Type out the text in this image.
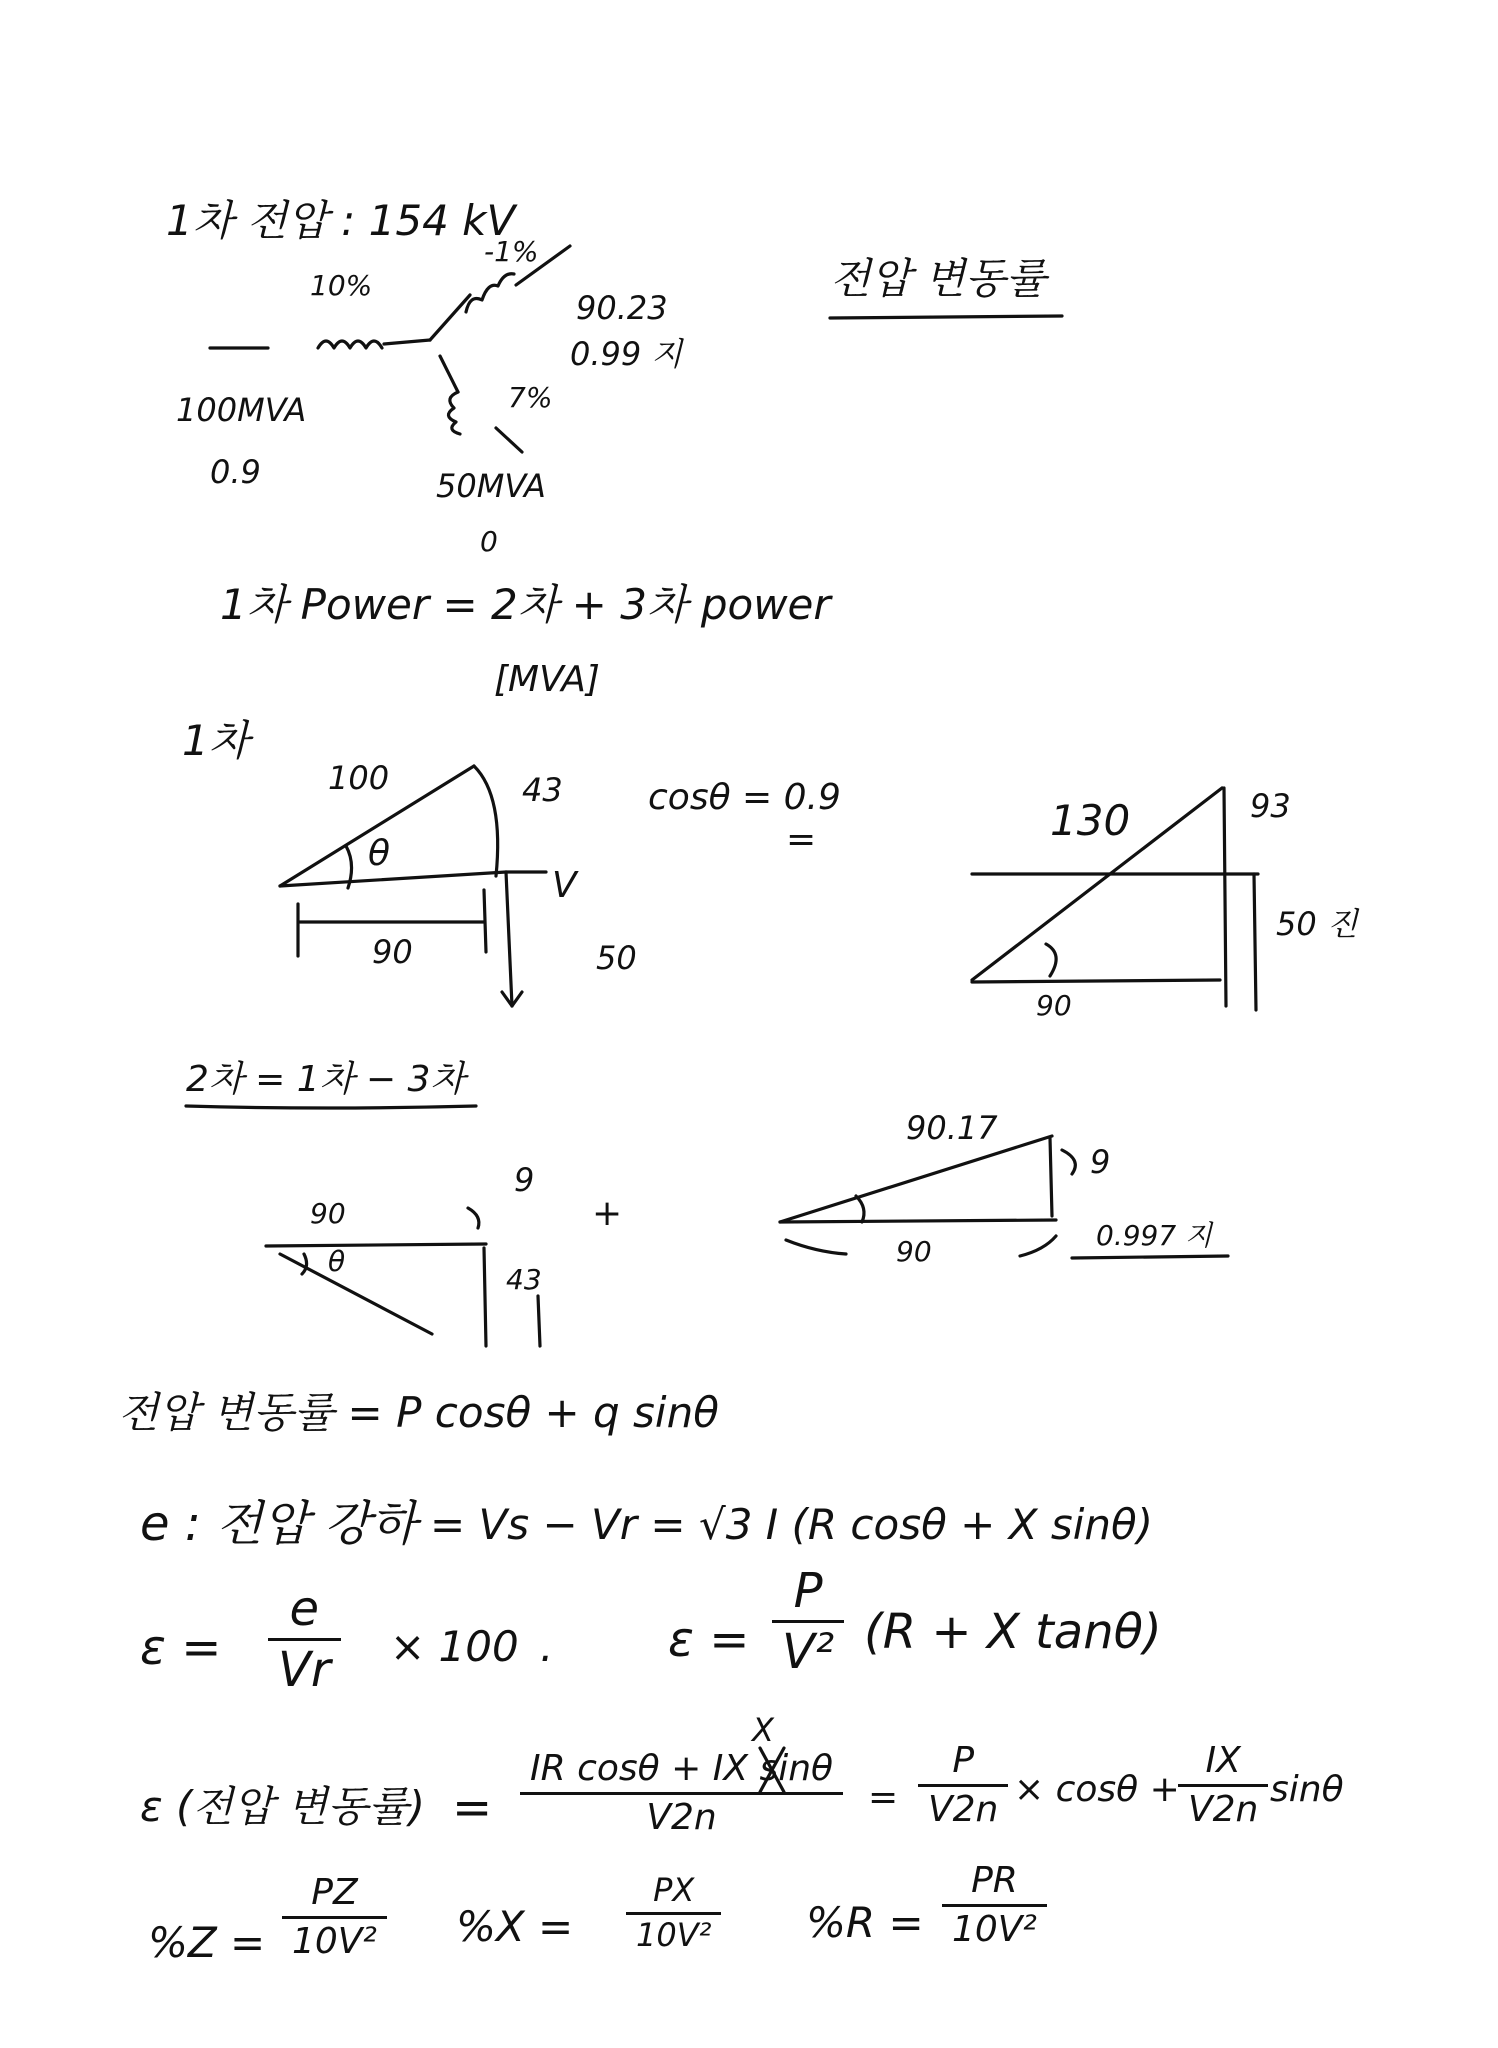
1차 전압 : 154 kV
전압 변동률
10%
100MVA
0.9
-1%
90.23
0.99 지
7%
50MVA
0
1차 Power = 2차 + 3차 power
[MVA]
1차
100
θ
43
V
90	50
cosθ = 0.9
=	130	93
50 진
90
2차 = 1차 − 3차
90
θ
9
43
+
90.17
9
90	0.997 지
전압 변동률 = P cosθ + q sinθ
e : 전압 강하 = Vs − Vr = √3 I (R cosθ + X sinθ)
ε =
e
Vr × 100 . ε =
P
V² (R + X tanθ)
ε (전압 변동률) =
X
IR cosθ + IX sinθ
V2n	=
P
V2n × cosθ +
IX
V2n sinθ
%Z =
PZ
10V² %X =
PX
10V² %R =
PR
10V²
